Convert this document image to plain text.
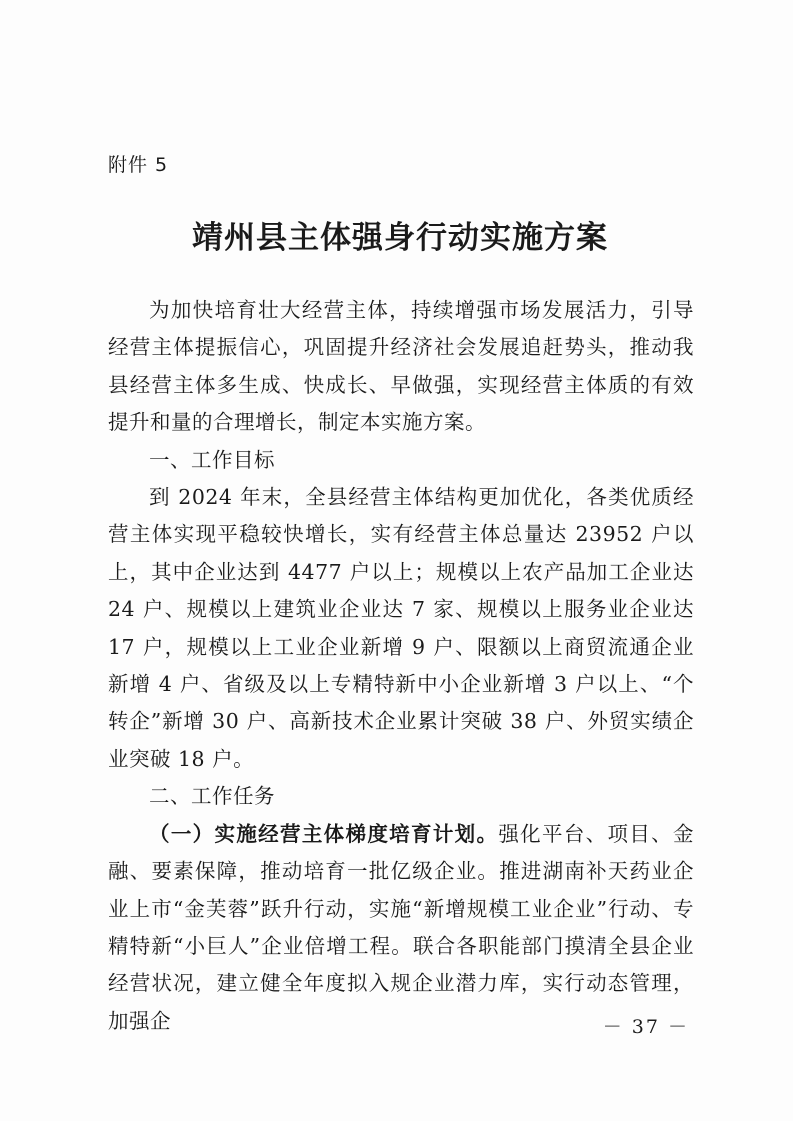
附件 5
靖州县主体强身行动实施方案

为加快培育壮大经营主体，持续增强市场发展活力，引导经营主体提振信心，巩固提升经济社会发展追赶势头，推动我县经营主体多生成、快成长、早做强，实现经营主体质的有效提升和量的合理增长，制定本实施方案。

一、工作目标

到 2024 年末，全县经营主体结构更加优化，各类优质经营主体实现平稳较快增长，实有经营主体总量达 23952 户以上，其中企业达到 4477 户以上；规模以上农产品加工企业达 24 户、规模以上建筑业企业达 7 家、规模以上服务业企业达 17 户，规模以上工业企业新增 9 户、限额以上商贸流通企业新增 4 户、省级及以上专精特新中小企业新增 3 户以上、“个转企”新增 30 户、高新技术企业累计突破 38 户、外贸实绩企业突破 18 户。

二、工作任务

（一）实施经营主体梯度培育计划。强化平台、项目、金融、要素保障，推动培育一批亿级企业。推进湖南补天药业企业上市“金芙蓉”跃升行动，实施“新增规模工业企业”行动、专精特新“小巨人”企业倍增工程。联合各职能部门摸清全县企业经营状况，建立健全年度拟入规企业潜力库，实行动态管理，加强企	－ 37 －
